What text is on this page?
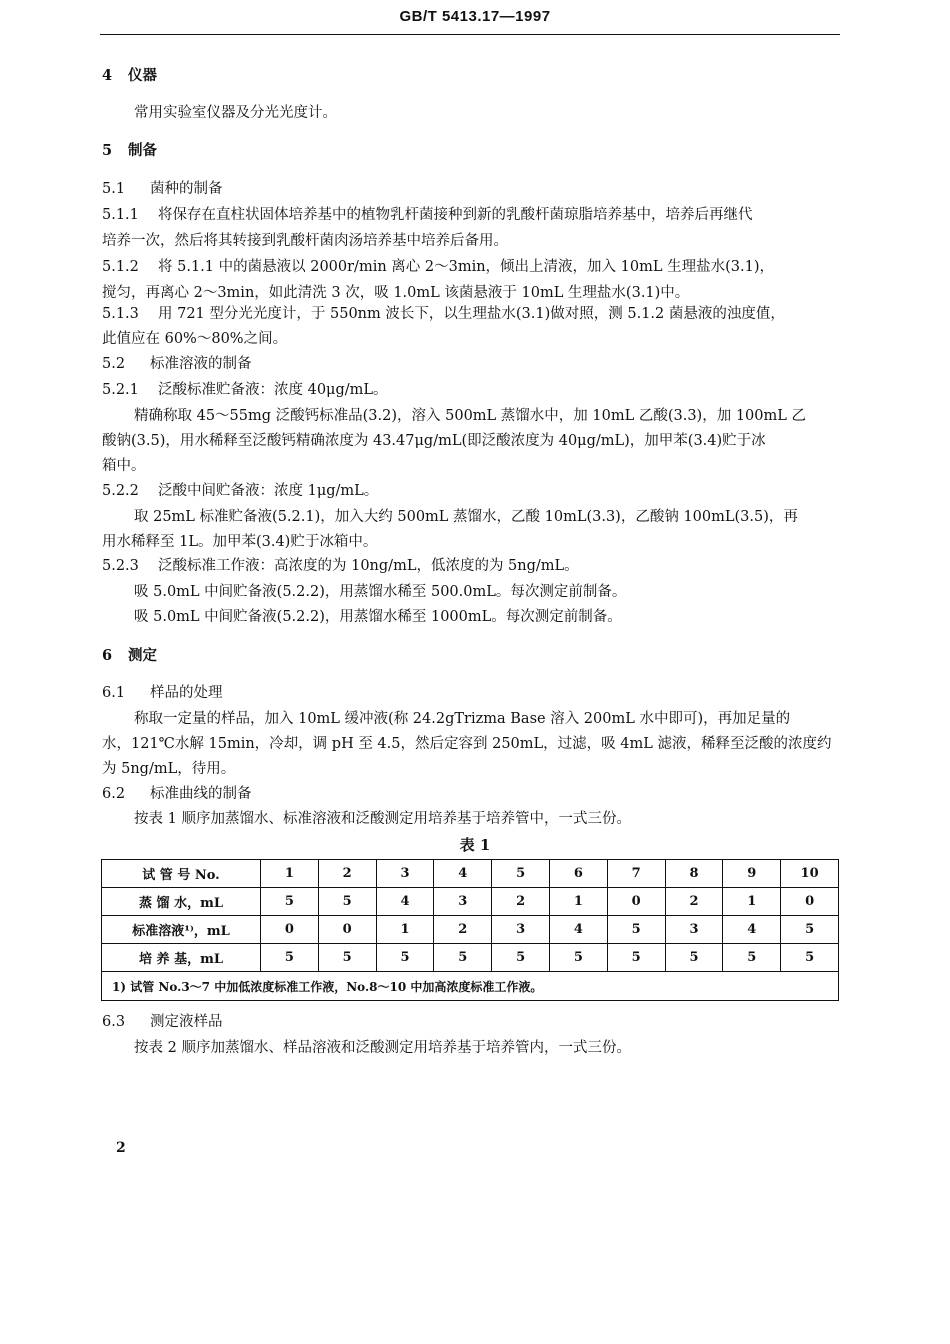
GB/T 5413.17—1997
4 仪器
常用实验室仪器及分光光度计。
5 制备
5.1 菌种的制备
5.1.1 将保存在直柱状固体培养基中的植物乳杆菌接种到新的乳酸杆菌琼脂培养基中，培养后再继代
培养一次，然后将其转接到乳酸杆菌肉汤培养基中培养后备用。
5.1.2 将 5.1.1 中的菌悬液以 2000r/min 离心 2～3min，倾出上清液，加入 10mL 生理盐水(3.1)，
搅匀，再离心 2～3min，如此清洗 3 次，吸 1.0mL 该菌悬液于 10mL 生理盐水(3.1)中。
5.1.3 用 721 型分光光度计，于 550nm 波长下，以生理盐水(3.1)做对照，测 5.1.2 菌悬液的浊度值，
此值应在 60%～80%之间。
5.2 标准溶液的制备
5.2.1 泛酸标准贮备液：浓度 40μg/mL。
精确称取 45～55mg 泛酸钙标准品(3.2)，溶入 500mL 蒸馏水中，加 10mL 乙酸(3.3)，加 100mL 乙
酸钠(3.5)，用水稀释至泛酸钙精确浓度为 43.47μg/mL(即泛酸浓度为 40μg/mL)，加甲苯(3.4)贮于冰
箱中。
5.2.2 泛酸中间贮备液：浓度 1μg/mL。
取 25mL 标准贮备液(5.2.1)，加入大约 500mL 蒸馏水，乙酸 10mL(3.3)，乙酸钠 100mL(3.5)，再
用水稀释至 1L。加甲苯(3.4)贮于冰箱中。
5.2.3 泛酸标准工作液：高浓度的为 10ng/mL，低浓度的为 5ng/mL。
吸 5.0mL 中间贮备液(5.2.2)，用蒸馏水稀至 500.0mL。每次测定前制备。
吸 5.0mL 中间贮备液(5.2.2)，用蒸馏水稀至 1000mL。每次测定前制备。
6 测定
6.1 样品的处理
称取一定量的样品，加入 10mL 缓冲液(称 24.2gTrizma Base 溶入 200mL 水中即可)，再加足量的
水，121℃水解 15min，冷却，调 pH 至 4.5，然后定容到 250mL，过滤，吸 4mL 滤液，稀释至泛酸的浓度约
为 5ng/mL，待用。
6.2 标准曲线的制备
按表 1 顺序加蒸馏水、标准溶液和泛酸测定用培养基于培养管中，一式三份。
表 1
试 管 号 No.	1	2	3	4	5	6	7	8	9	10
蒸 馏 水，mL	5	5	4	3	2	1	0	2	1	0
标准溶液¹⁾，mL	0	0	1	2	3	4	5	3	4	5
培 养 基，mL	5	5	5	5	5	5	5	5	5	5
1) 试管 No.3～7 中加低浓度标准工作液，No.8～10 中加高浓度标准工作液。										
6.3 测定液样品
按表 2 顺序加蒸馏水、样品溶液和泛酸测定用培养基于培养管内，一式三份。
2
